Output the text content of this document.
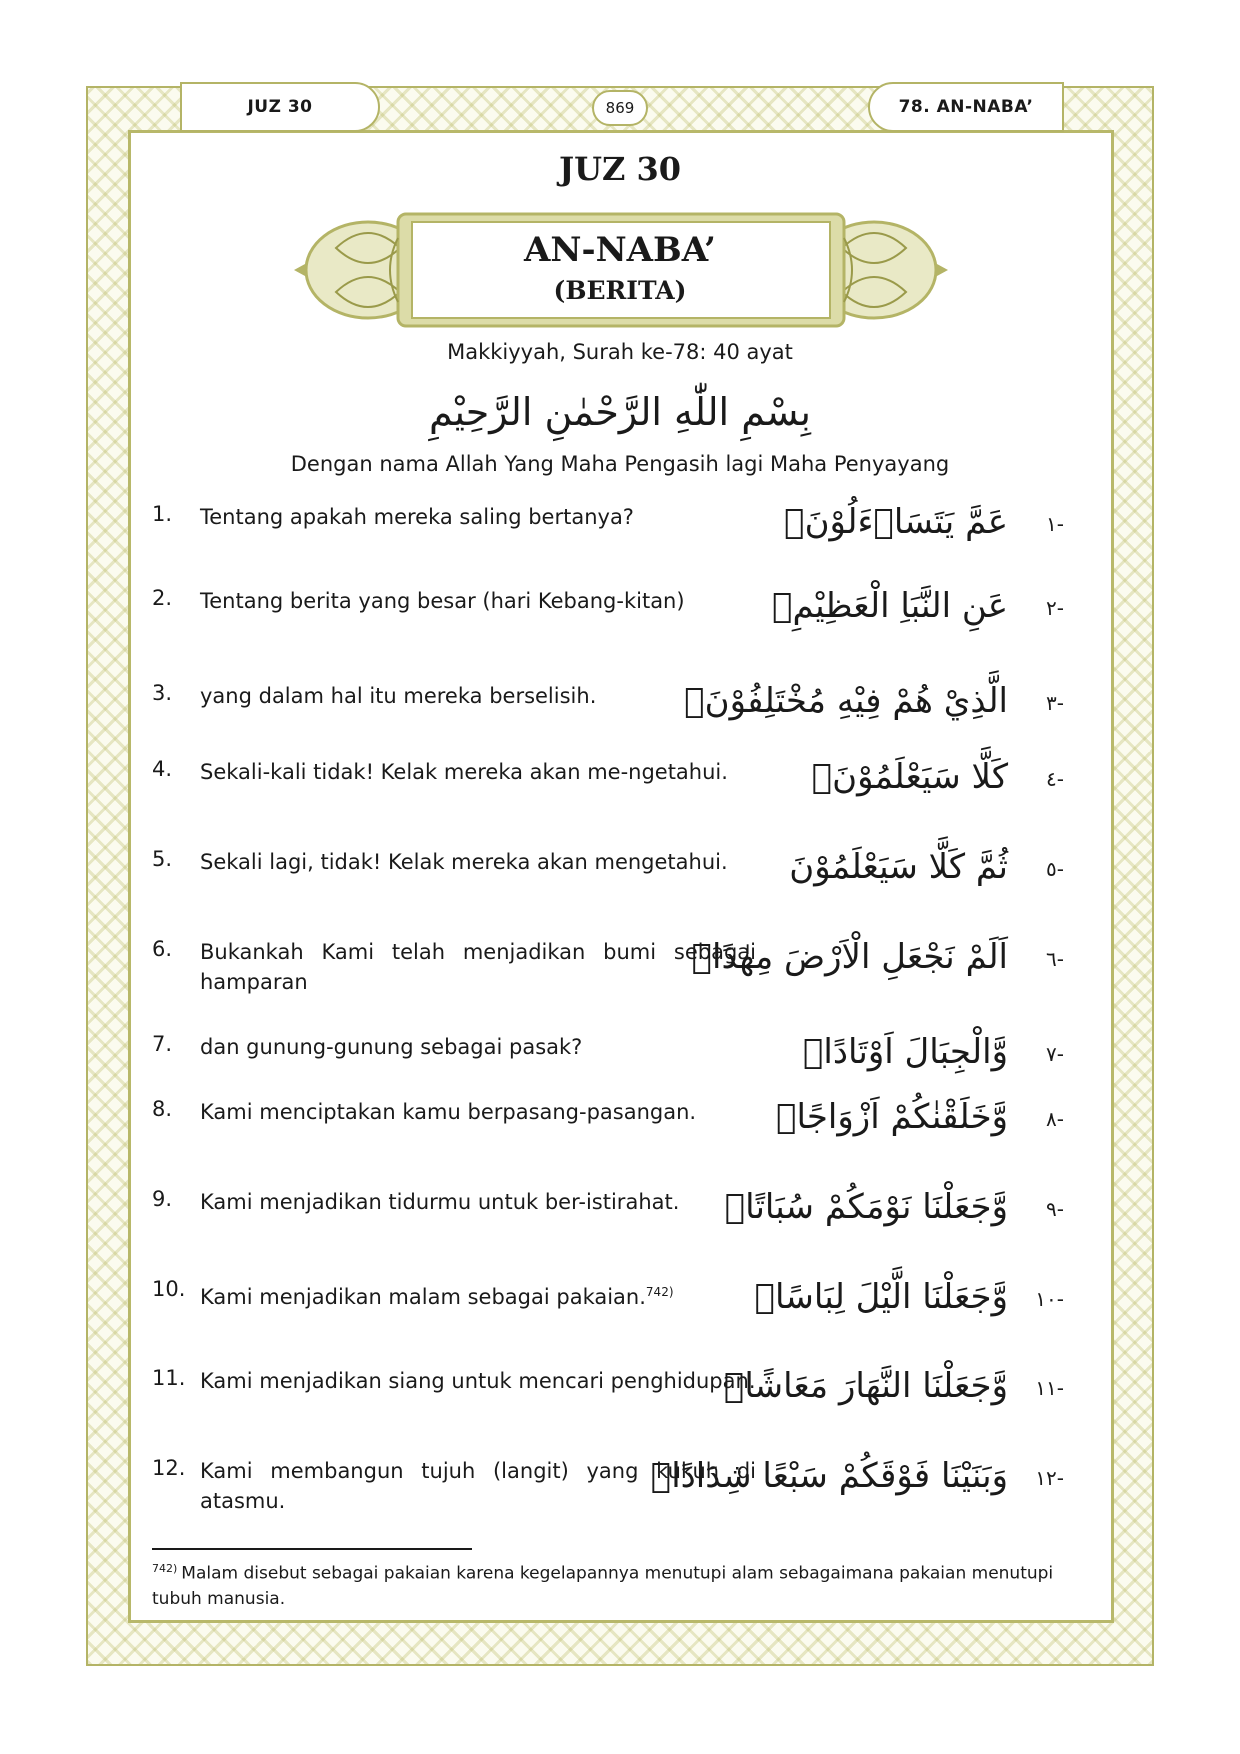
JUZ 30	869	78. AN-NABA’
JUZ 30
AN-NABA’
(BERITA)
Makkiyyah, Surah ke-78: 40 ayat
بِسْمِ اللّٰهِ الرَّحْمٰنِ الرَّحِيْمِ
Dengan nama Allah Yang Maha Pengasih lagi Maha Penyayang
1. Tentang apakah mereka saling bertanya?	عَمَّ يَتَسَاۤءَلُوْنَۚ - ١
2. Tentang berita yang besar (hari Kebang-kitan)	عَنِ النَّبَاِ الْعَظِيْمِۙ - ٢
3. yang dalam hal itu mereka berselisih.	الَّذِيْ هُمْ فِيْهِ مُخْتَلِفُوْنَۗ - ٣
4. Sekali-kali tidak! Kelak mereka akan me-ngetahui.	كَلَّا سَيَعْلَمُوْنَۙ - ٤
5. Sekali lagi, tidak! Kelak mereka akan mengetahui.	ثُمَّ كَلَّا سَيَعْلَمُوْنَ - ٥
6. Bukankah Kami telah menjadikan bumi sebagai hamparan
اَلَمْ نَجْعَلِ الْاَرْضَ مِهٰدًاۙ - ٦
7. dan gunung-gunung sebagai pasak?	وَّالْجِبَالَ اَوْتَادًاۖ - ٧
8. Kami menciptakan kamu berpasang-pasangan.	وَّخَلَقْنٰكُمْ اَزْوَاجًاۙ - ٨
9. Kami menjadikan tidurmu untuk ber-istirahat.	وَّجَعَلْنَا نَوْمَكُمْ سُبَاتًاۙ - ٩
10. Kami menjadikan malam sebagai pakaian.$^{742)}$	وَّجَعَلْنَا الَّيْلَ لِبَاسًاۙ - ١٠
11. Kami menjadikan siang untuk mencari penghidupan.
وَّجَعَلْنَا النَّهَارَ مَعَاشًاۚ - ١١
12. Kami membangun tujuh (langit) yang kukuh di atasmu.
وَبَنَيْنَا فَوْقَكُمْ سَبْعًا شِدَادًاۙ - ١٢
$^{742)}$ Malam disebut sebagai pakaian karena kegelapannya menutupi alam sebagaimana pakaian menutupi tubuh manusia.
